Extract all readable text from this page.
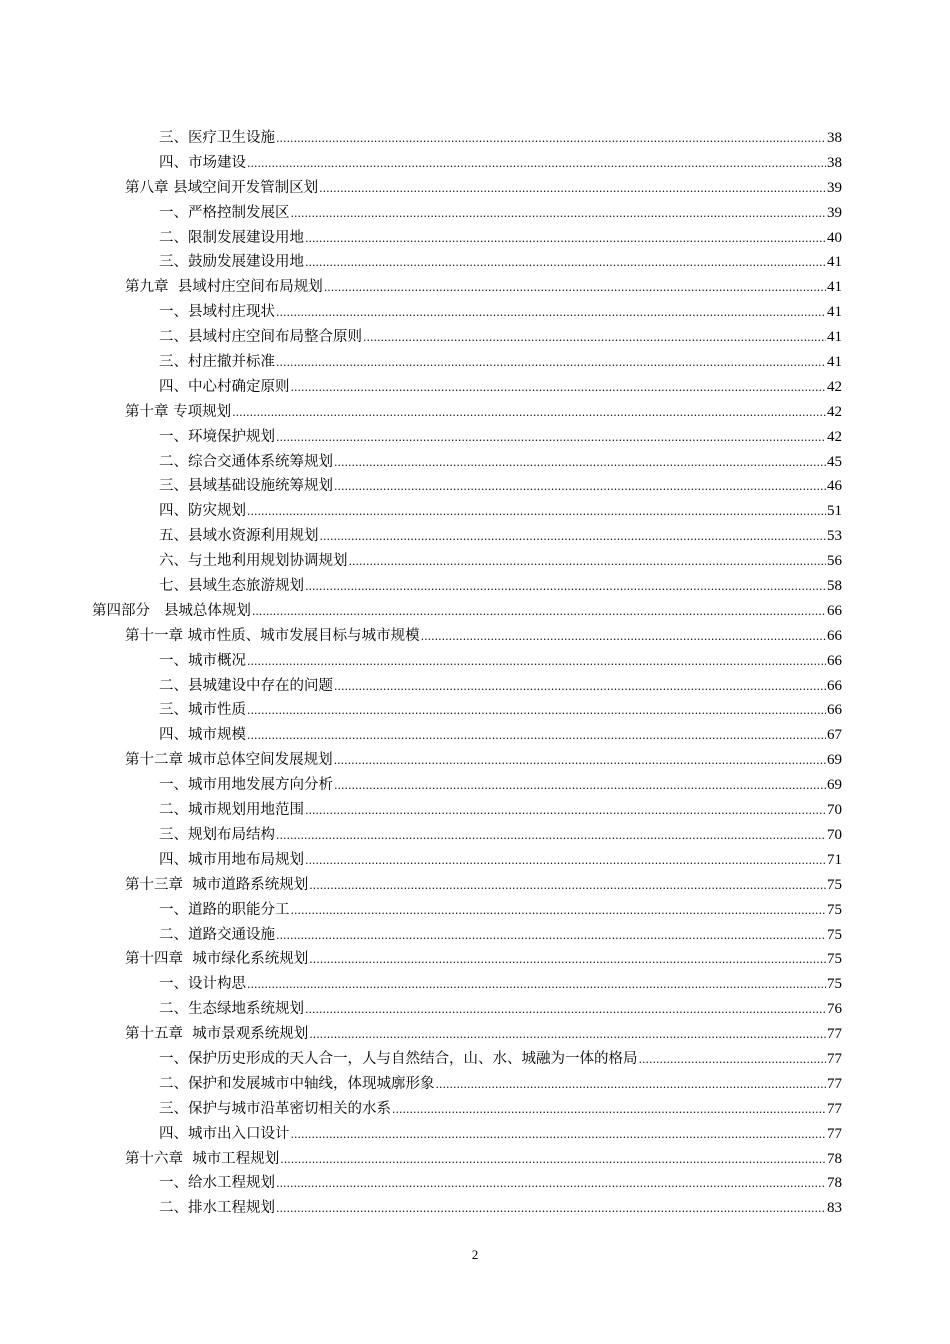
三、医疗卫生设施 .....	38
四、市场建设 .....	38
第八章 县域空间开发管制区划 .....	39
一、严格控制发展区 .....	39
二、限制发展建设用地 .....	40
三、鼓励发展建设用地 .....	41
第九章  县域村庄空间布局规划 .....	41
一、县域村庄现状 .....	41
二、县域村庄空间布局整合原则 .....	41
三、村庄撤并标准 .....	41
四、中心村确定原则 .....	42
第十章 专项规划 .....	42
一、环境保护规划 .....	42
二、综合交通体系统筹规划 .....	45
三、县域基础设施统筹规划 .....	46
四、防灾规划 .....	51
五、县域水资源利用规划 .....	53
六、与土地利用规划协调规划 .....	56
七、县域生态旅游规划 .....	58
第四部分   县城总体规划 .....	66
第十一章 城市性质、城市发展目标与城市规模 .....	66
一、城市概况 .....	66
二、县城建设中存在的问题 .....	66
三、城市性质 .....	66
四、城市规模 .....	67
第十二章 城市总体空间发展规划 .....	69
一、城市用地发展方向分析 .....	69
二、城市规划用地范围 .....	70
三、规划布局结构 .....	70
四、城市用地布局规划 .....	71
第十三章  城市道路系统规划 .....	75
一、道路的职能分工 .....	75
二、道路交通设施 .....	75
第十四章  城市绿化系统规划 .....	75
一、设计构思 .....	75
二、生态绿地系统规划 .....	76
第十五章  城市景观系统规划 .....	77
一、保护历史形成的天人合一，人与自然结合，山、水、城融为一体的格局 .....	77
二、保护和发展城市中轴线，体现城廓形象 .....	77
三、保护与城市沿革密切相关的水系 .....	77
四、城市出入口设计 .....	77
第十六章  城市工程规划 .....	78
一、给水工程规划 .....	78
二、排水工程规划 .....	83
2
